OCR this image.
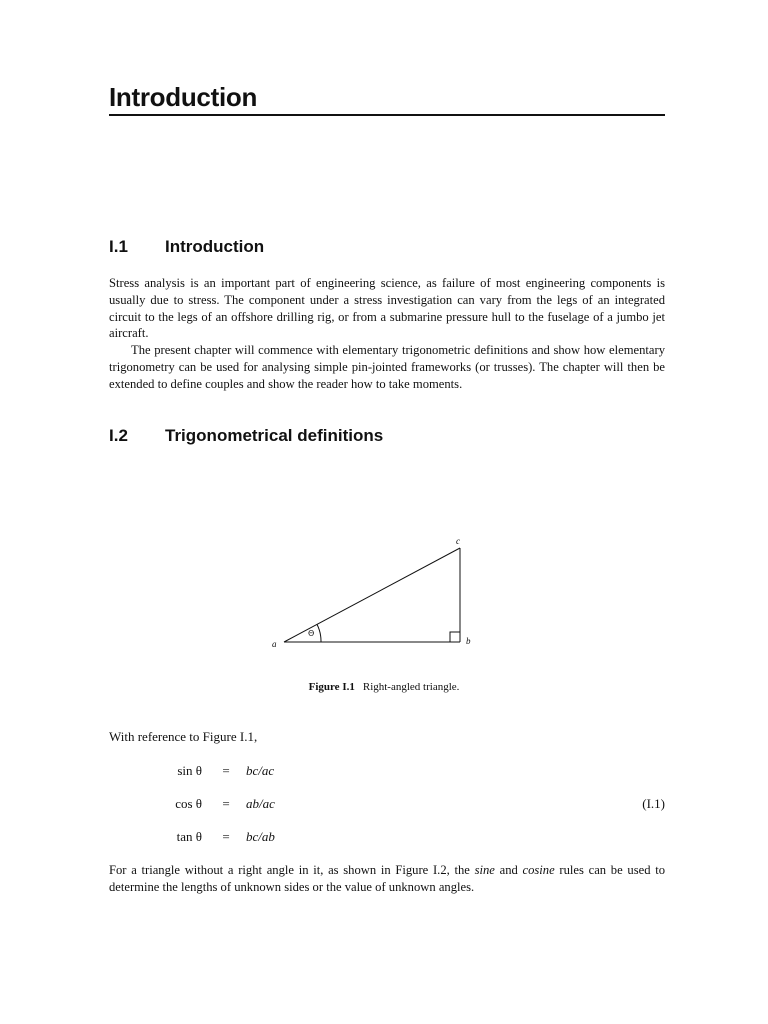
Introduction
I.1 Introduction

Stress analysis is an important part of engineering science, as failure of most engineering components is usually due to stress. The component under a stress investigation can vary from the legs of an integrated circuit to the legs of an offshore drilling rig, or from a submarine pressure hull to the fuselage of a jumbo jet aircraft.

The present chapter will commence with elementary trigonometric definitions and show how elementary trigonometry can be used for analysing simple pin-jointed frameworks (or trusses). The chapter will then be extended to define couples and show the reader how to take moments.

I.2 Trigonometrical definitions
Θ
a	b
c
Figure I.1 Right-angled triangle.
With reference to Figure I.1,
sin θ = bc/ac
cos θ = ab/ac	(I.1)
tan θ = bc/ab

For a triangle without a right angle in it, as shown in Figure I.2, the sine and cosine rules can be used to determine the lengths of unknown sides or the value of unknown angles.
